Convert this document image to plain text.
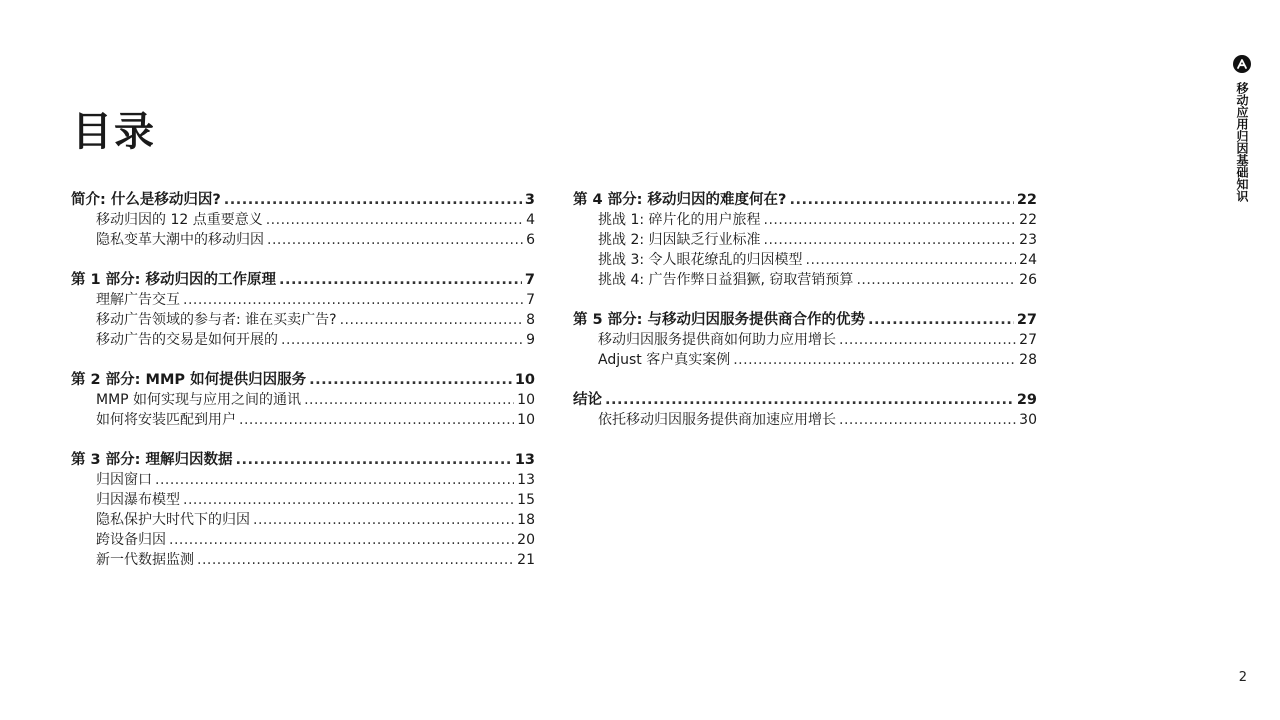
目录	移动应用归因基础知识
简介: 什么是移动归因? .....	3
移动归因的 12 点重要意义 .....	4
隐私变革大潮中的移动归因 .....	6
第 1 部分: 移动归因的工作原理 .....	7
理解广告交互 .....	7
移动广告领域的参与者: 谁在买卖广告? .....	8
移动广告的交易是如何开展的 .....	9
第 2 部分: MMP 如何提供归因服务 .....	10
MMP 如何实现与应用之间的通讯 .....	10
如何将安装匹配到用户 .....	10
第 3 部分: 理解归因数据 .....	13
归因窗口 .....	13
归因瀑布模型 .....	15
隐私保护大时代下的归因 .....	18
跨设备归因 .....	20
新一代数据监测 .....	21
第 4 部分: 移动归因的难度何在? .....	22
挑战 1: 碎片化的用户旅程 .....	22
挑战 2: 归因缺乏行业标准 .....	23
挑战 3: 令人眼花缭乱的归因模型 .....	24
挑战 4: 广告作弊日益猖獗, 窃取营销预算 .....	26
第 5 部分: 与移动归因服务提供商合作的优势 .....	27
移动归因服务提供商如何助力应用增长 .....	27
Adjust 客户真实案例 .....	28
结论 .....	29
依托移动归因服务提供商加速应用增长 .....	30
2
